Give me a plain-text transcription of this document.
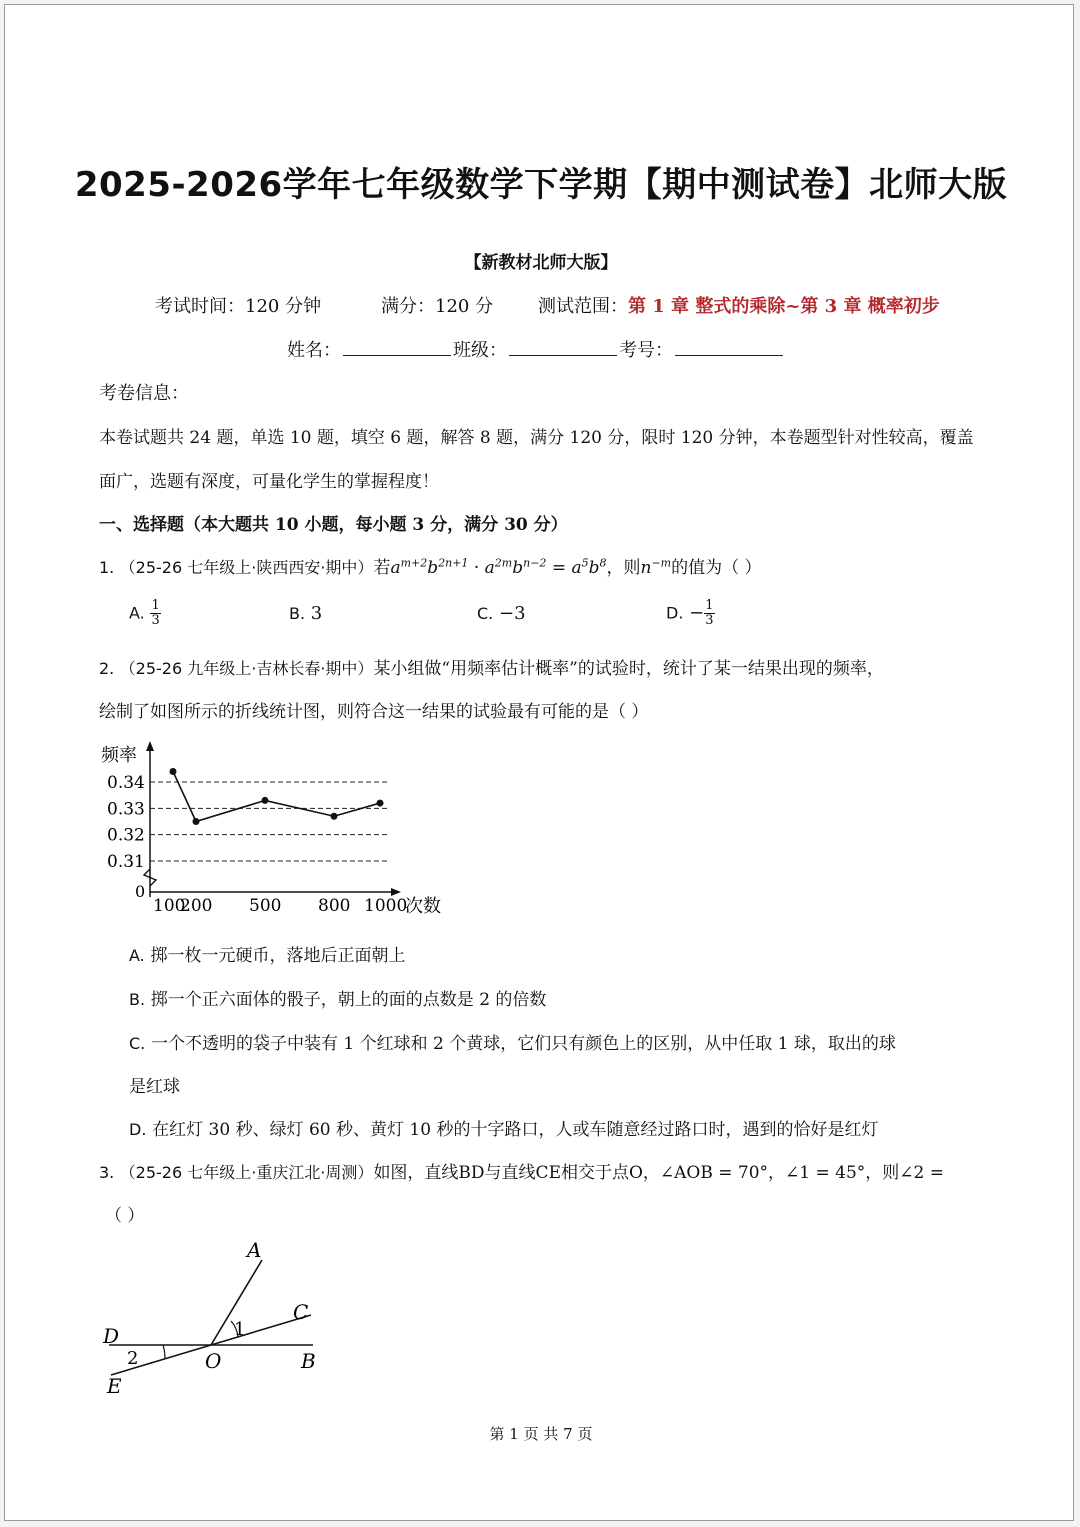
2025-2026学年七年级数学下学期【期中测试卷】北师大版
【新教材北师大版】
考试时间：120 分钟	满分：120 分 测试范围：第 1 章 整式的乘除~第 3 章 概率初步
姓名：	班级：	考号：
考卷信息：
本卷试题共 24 题，单选 10 题，填空 6 题，解答 8 题，满分 120 分，限时 120 分钟，本卷题型针对性较高，覆盖
面广，选题有深度，可量化学生的掌握程度！
一、选择题（本大题共 10 小题，每小题 3 分，满分 30 分）
1. （25-26 七年级上·陕西西安·期中）若$a^{m+2}b^{2n+1} \cdot a^{2m}b^{n-2} = a^5b^8$，则$n^{-m}$的值为（ ）
A. $\frac{1}{3}$	B. 3	C. −3	D. − $\frac{1}{3}$
2. （25-26 九年级上·吉林长春·期中）某小组做“用频率估计概率”的试验时，统计了某一结果出现的频率，
绘制了如图所示的折线统计图，则符合这一结果的试验最有可能的是（ ）
频率
0
次数
0.34
0.33
0.32
0.31
100
200 500 800 1000
A. 掷一枚一元硬币，落地后正面朝上
B. 掷一个正六面体的骰子，朝上的面的点数是 2 的倍数
C. 一个不透明的袋子中装有 1 个红球和 2 个黄球，它们只有颜色上的区别，从中任取 1 球，取出的球
是红球
D. 在红灯 30 秒、绿灯 60 秒、黄灯 10 秒的十字路口，人或车随意经过路口时，遇到的恰好是红灯
3. （25-26 七年级上·重庆江北·周测）如图，直线BD与直线CE相交于点O，∠AOB = 70°，∠1 = 45°，则∠2 =
（ ）
A
C
D
O	B
E
1
2
第 1 页 共 7 页
